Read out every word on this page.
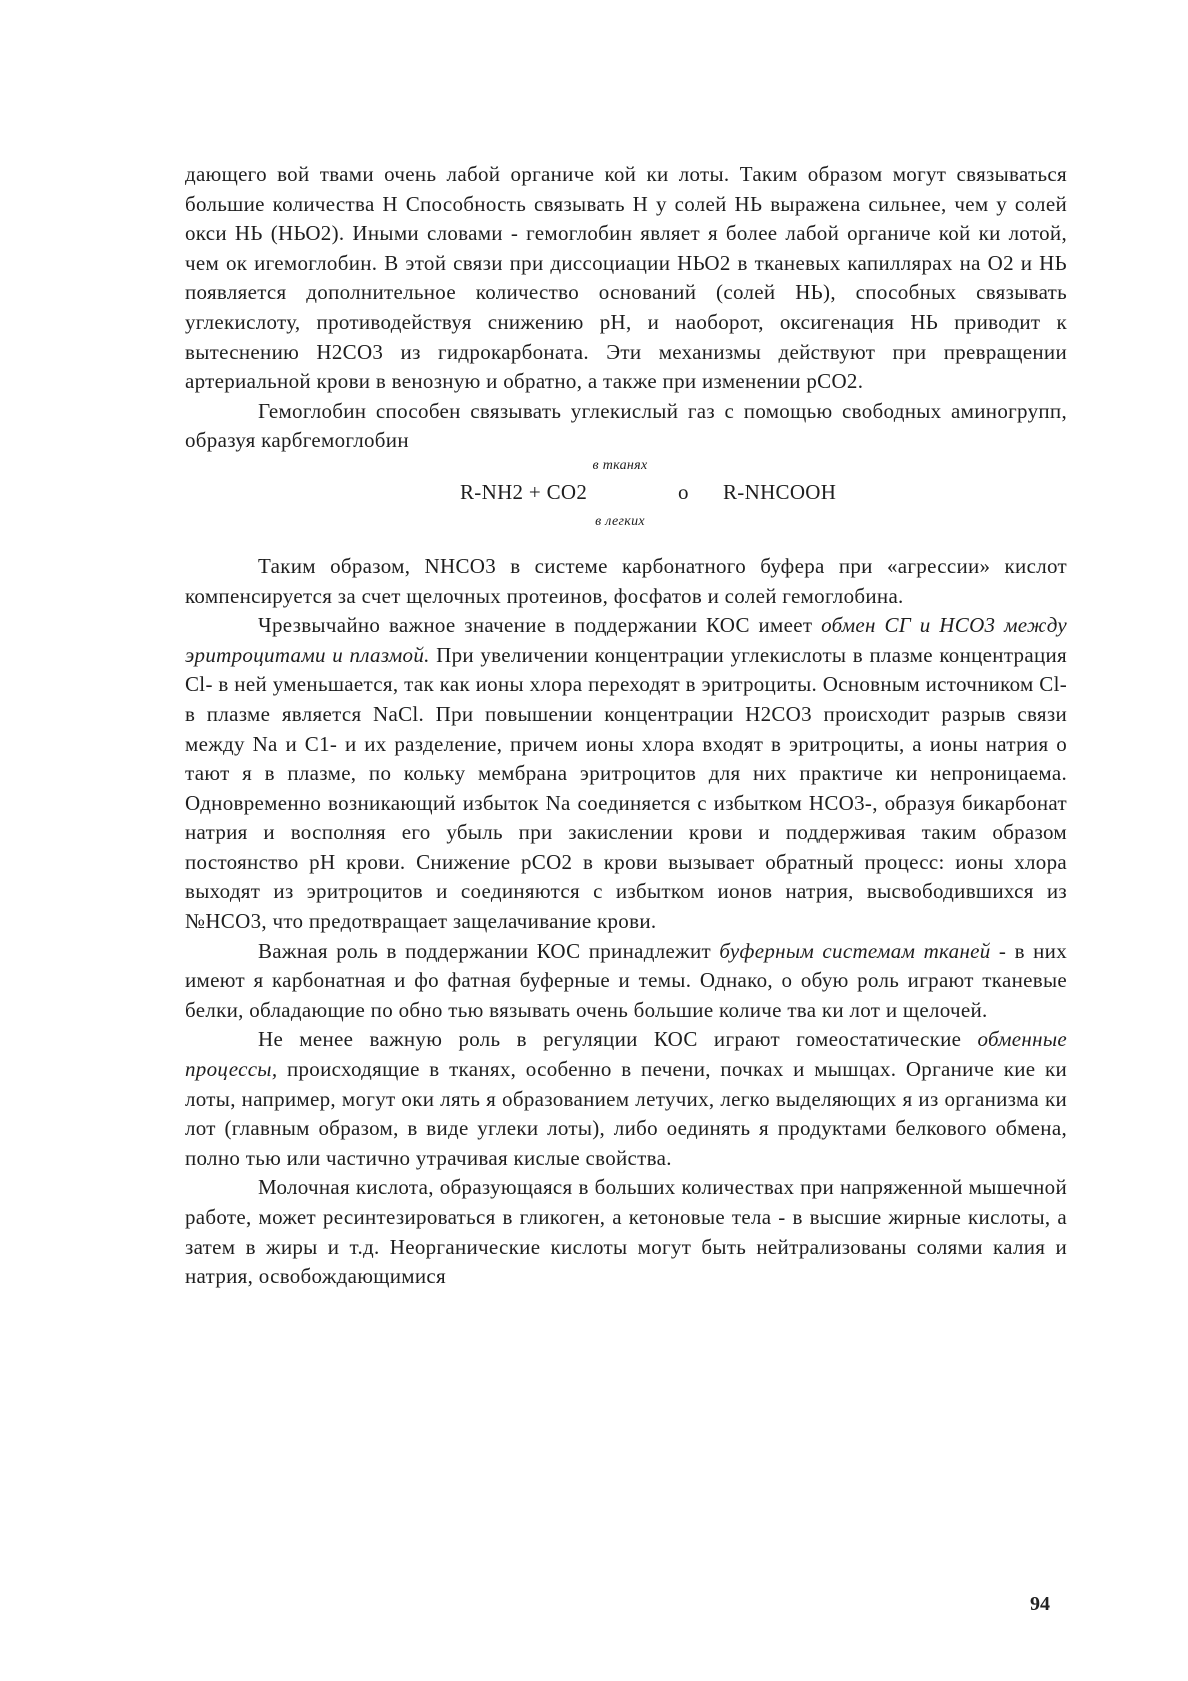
дающего вой твами очень лабой органиче кой ки лоты. Таким образом могут связываться большие количества Н Способность связывать Н у солей НЬ выражена сильнее, чем у солей окси НЬ (НЬО2). Иными словами - гемоглобин являет я более лабой органиче кой ки лотой, чем ок игемоглобин. В этой связи при диссоциации НЬО2 в тканевых капиллярах на О2 и НЬ появляется дополнительное количество оснований (солей НЬ), способных связывать углекислоту, противодействуя снижению рН, и наоборот, оксигенация НЬ приводит к вытеснению Н2СО3 из гидрокарбоната. Эти механизмы действуют при превращении артериальной крови в венозную и обратно, а также при изменении рСО2.

Гемоглобин способен связывать углекислый газ с помощью свободных аминогрупп, образуя карбгемоглобин

в тканях
R-NH2 + CO2	o R-NHCOOH
в легких

Таким образом, NНСО3 в системе карбонатного буфера при «агрессии» кислот компенсируется за счет щелочных протеинов, фосфатов и солей гемоглобина.

Чрезвычайно важное значение в поддержании КОС имеет обмен СГ и НСО3 между эритроцитами и плазмой. При увеличении концентрации углекислоты в плазме концентрация Cl- в ней уменьшается, так как ионы хлора переходят в эритроциты. Основным источником Cl- в плазме является NaCl. При повышении концентрации Н2СО3 происходит разрыв связи между Na и С1- и их разделение, причем ионы хлора входят в эритроциты, а ионы натрия о тают я в плазме, по кольку мембрана эритроцитов для них практиче ки непроницаема. Одновременно возникающий избыток Na соединяется с избытком НСО3-, образуя бикарбонат натрия и восполняя его убыль при закислении крови и поддерживая таким образом постоянство рН крови. Снижение рСО2 в крови вызывает обратный процесс: ионы хлора выходят из эритроцитов и соединяются с избытком ионов натрия, высвободившихся из №НСО3, что предотвращает защелачивание крови.

Важная роль в поддержании КОС принадлежит буферным системам тканей - в них имеют я карбонатная и фо фатная буферные и темы. Однако, о обую роль играют тканевые белки, обладающие по обно тью вязывать очень большие количе тва ки лот и щелочей.

Не менее важную роль в регуляции КОС играют гомеостатические обменные процессы, происходящие в тканях, особенно в печени, почках и мышцах. Органиче кие ки лоты, например, могут оки лять я образованием летучих, легко выделяющих я из организма ки лот (главным образом, в виде углеки лоты), либо оединять я продуктами белкового обмена, полно тью или частично утрачивая кислые свойства.

Молочная кислота, образующаяся в больших количествах при напряженной мышечной работе, может ресинтезироваться в гликоген, а кетоновые тела - в высшие жирные кислоты, а затем в жиры и т.д. Неорганические кислоты могут быть нейтрализованы солями калия и натрия, освобождающимися

94
